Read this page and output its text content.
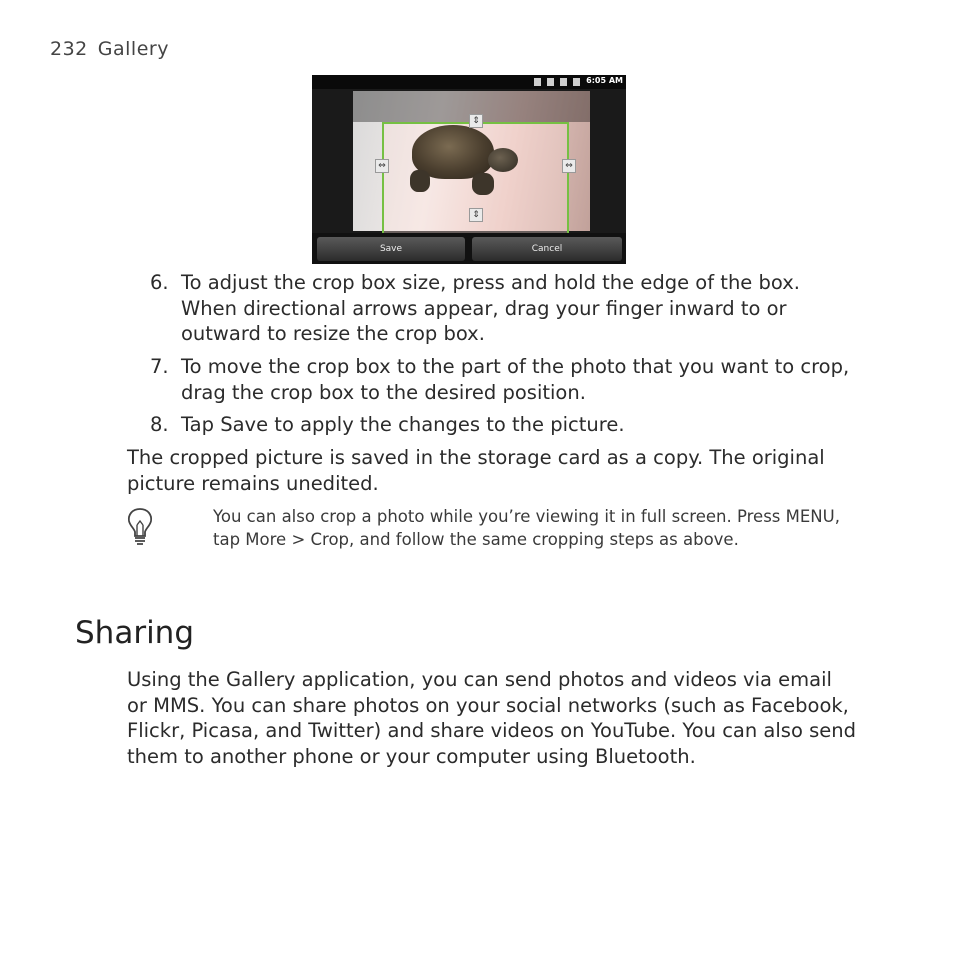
232 Gallery
6:05 AM
⇕
⇕
⇔	⇔
Save	Cancel
6. To adjust the crop box size, press and hold the edge of the box. When directional arrows appear, drag your finger inward to or outward to resize the crop box.
7. To move the crop box to the part of the photo that you want to crop, drag the crop box to the desired position.
8. Tap Save to apply the changes to the picture.
The cropped picture is saved in the storage card as a copy. The original picture remains unedited.
You can also crop a photo while you’re viewing it in full screen. Press MENU, tap More > Crop, and follow the same cropping steps as above.
Sharing
Using the Gallery application, you can send photos and videos via email or MMS. You can share photos on your social networks (such as Facebook, Flickr, Picasa, and Twitter) and share videos on YouTube. You can also send them to another phone or your computer using Bluetooth.
